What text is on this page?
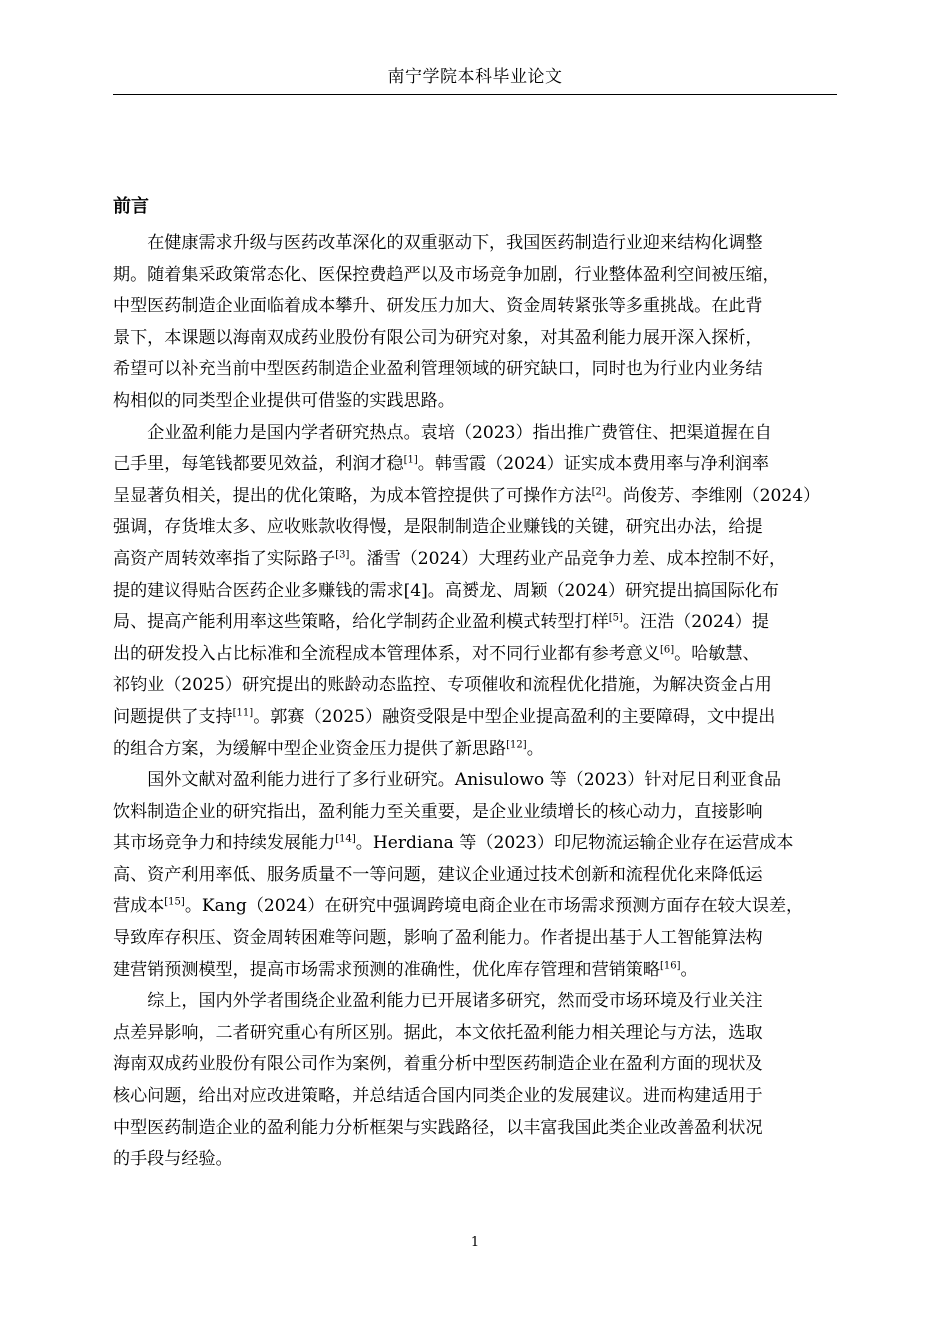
南宁学院本科毕业论文
前言

在健康需求升级与医药改革深化的双重驱动下，我国医药制造行业迎来结构化调整
期。随着集采政策常态化、医保控费趋严以及市场竞争加剧，行业整体盈利空间被压缩，
中型医药制造企业面临着成本攀升、研发压力加大、资金周转紧张等多重挑战。在此背
景下，本课题以海南双成药业股份有限公司为研究对象，对其盈利能力展开深入探析，
希望可以补充当前中型医药制造企业盈利管理领域的研究缺口，同时也为行业内业务结
构相似的同类型企业提供可借鉴的实践思路。

企业盈利能力是国内学者研究热点。袁培（2023）指出推广费管住、把渠道握在自
己手里，每笔钱都要见效益，利润才稳[1]。韩雪霞（2024）证实成本费用率与净利润率
呈显著负相关，提出的优化策略，为成本管控提供了可操作方法[2]。尚俊芳、李维刚（2024）
强调，存货堆太多、应收账款收得慢，是限制制造企业赚钱的关键，研究出办法，给提
高资产周转效率指了实际路子[3]。潘雪（2024）大理药业产品竞争力差、成本控制不好，
提的建议得贴合医药企业多赚钱的需求[4]。高赟龙、周颖（2024）研究提出搞国际化布
局、提高产能利用率这些策略，给化学制药企业盈利模式转型打样[5]。汪浩（2024）提
出的研发投入占比标准和全流程成本管理体系，对不同行业都有参考意义[6]。哈敏慧、
祁钧业（2025）研究提出的账龄动态监控、专项催收和流程优化措施，为解决资金占用
问题提供了支持[11]。郭赛（2025）融资受限是中型企业提高盈利的主要障碍，文中提出
的组合方案，为缓解中型企业资金压力提供了新思路[12]。

国外文献对盈利能力进行了多行业研究。Anisulowo 等（2023）针对尼日利亚食品
饮料制造企业的研究指出，盈利能力至关重要，是企业业绩增长的核心动力，直接影响
其市场竞争力和持续发展能力[14]。Herdiana 等（2023）印尼物流运输企业存在运营成本
高、资产利用率低、服务质量不一等问题，建议企业通过技术创新和流程优化来降低运
营成本[15]。Kang（2024）在研究中强调跨境电商企业在市场需求预测方面存在较大误差，
导致库存积压、资金周转困难等问题，影响了盈利能力。作者提出基于人工智能算法构
建营销预测模型，提高市场需求预测的准确性，优化库存管理和营销策略[16]。

综上，国内外学者围绕企业盈利能力已开展诸多研究，然而受市场环境及行业关注
点差异影响，二者研究重心有所区别。据此，本文依托盈利能力相关理论与方法，选取
海南双成药业股份有限公司作为案例，着重分析中型医药制造企业在盈利方面的现状及
核心问题，给出对应改进策略，并总结适合国内同类企业的发展建议。进而构建适用于
中型医药制造企业的盈利能力分析框架与实践路径，以丰富我国此类企业改善盈利状况
的手段与经验。

1
